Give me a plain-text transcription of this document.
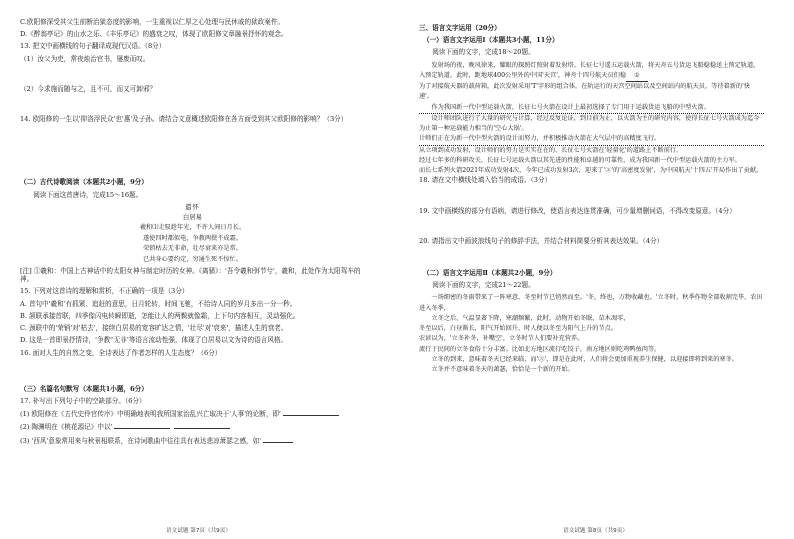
C.欧阳修深受其父生前断治狱态度的影响，一生重视以仁厚之心处理与民休戚的狱政案件。

D.《醉翁亭记》的山水之乐、《丰乐亭记》的盛衰之叹，体现了欧阳修文章融景抒怀的观念。

13. 把文中画横线的句子翻译成现代汉语。（8分）

（1）汝父为吏，常夜烛治官书，屡废而叹。

（2）今求施而随与之，且不可，而又可卸邪？

14. 欧阳修的一生以'抑洛浮民众'也'惠'及子孙。请结合文意概述欧阳修在各方面受到其父欧阳修的影响？（3分）

（二）古代诗歌阅读（本题共2小题，9分）

阅读下面这首唐诗，完成15～16题。

遣怀

白居易

羲和⑴走驭趁年光，不许人间日月长。

遂使四时都似电，争教两鬓不成霜。

荣销枯去无非命，壮尽衰来亦是常。

已共身心要约定，穷通生死不惊忙。

[注] ①羲和：中国上古神话中的太阳女神与制定时历的女神。《离骚》：'吾令羲和弭节兮'，羲和，此处作为太阳驾车的神。

15. 下列对这首诗的理解和赏析，不正确的一项是（3分）

A. 首句中'羲和'有抓紧、追赶的意思，日月轮转，时间飞驰，不给诗人同的岁月多出一分一秒。

B. 颔联承接首联，四季像闪电转瞬即逝，怎能让人的两鬓就像霜，上下句内容相互，灵动强化。

C. 颈联中的'荣销'对'枯去'，接续白居易的宽容旷达之情，'壮尽'对'衰来'，描述人生的衰老。

D. 这是一首即景抒情诗，'争教''无非'等语言流动性强，体现了白居易以文为诗的语言风格。

16. 面对人生的自然之变，全诗表达了作者怎样的人生态度？（6分）

（三）名篇名句默写（本题共1小题，6分）

17. 补写出下列句子中的空缺部分。（6分）

(1) 欧阳修在《五代史伶官传序》中明确地表明我所国家治乱兴亡取决于'人事'的论断，即'

(2) 陶渊明在《桃花源记》中以'

(3) '西风'意象常用来与秋景相联系，在诗词歌曲中往往具有表达悲凉萧瑟之感，如'

语文试题 第7页（共9页）

三、语言文字运用（20分）

（一）语言文字运用Ⅰ（本题共3小题，11分）

阅读下面的文字，完成18～20题。

发射场的夜，晚风徐来，耀眼的探照灯照射着发射塔。长征七号遥五运载火箭，将天舟五号货运飞船稳稳送上预定轨道。

入预定轨道。此时，距地球400公里外的中国'天宫'，神舟十四号航天员们稳 ①

为了对接航天器的载荷箱，此次发射采用'T'字形的组合体，在轨运行的天宫空间站以及空间站内的航天员，等待着新的'快递'。

作为我国新一代中型运载火箭，长征七号火箭在设计上最初选择了专门用于运载货运飞船的中型火箭。

设计师团队进行了大量的研究与计算，经过反复论证，到目前为止，以火箭为主的研究内容，使得长征七号火箭成为迄今为止第一种运载能力相当的'空心大锅'。

计师们正在为新一代中型火箭的设计而努力，并积极推动火箭在大气层中的高精度飞行。

从立项到成功发射，设计师们的努力是实实在在的，长征七号火箭在'轻量化'的道路上不断前行。

经过七年多的科研攻关，长征七号运载火箭以其先进的性能和卓越的可靠性，成为我国新一代中型运载火箭的主力军。

而长七系列火箭2021年成功发射4次，今年已成功发射3次，迎来了'②'的'高密度发射'，为中国航天'十四五'开局作出了贡献。

18. 请在文中横线处填入恰当的成语。（3分）

19. 文中画横线的部分有语病，请进行修改，使语言表达连贯准确，可少量增删词语，不得改变原意。（4分）

20. 请指出文中画波浪线句子的修辞手法，并结合材料简要分析其表达效果。（4分）

（二）语言文字运用Ⅱ（本题共2小题，9分）

阅读下面的文字，完成21～22题。

一场细密的冬雨带来了一阵寒意，冬至时节已悄然而至。'冬，终也，万物收藏也。'立冬时，秋季作物全部收割完毕，农田进入冬季，

立冬之后，气温显著下降，寒潮频繁，此时，动物开始冬眠，草木凋零，

冬至以后，白昼渐长，阳气开始回升，时人便以冬至为阳气上升的节点。

农谚以为，'立冬补冬，补嘴空'，立冬时节人们要补充营养。

流行于民间的立冬食俗十分丰富。比如北方地区流行吃饺子，南方地区则吃鸡鸭鱼肉等。

立冬的到来，意味着冬天已经来临，而'③'，即是在此时，人们将会更加重视养生保健，以迎接即将到来的寒冬。

立冬并不意味着冬天的萧瑟，恰恰是一个新的开始。

语文试题 第8页（共9页）
